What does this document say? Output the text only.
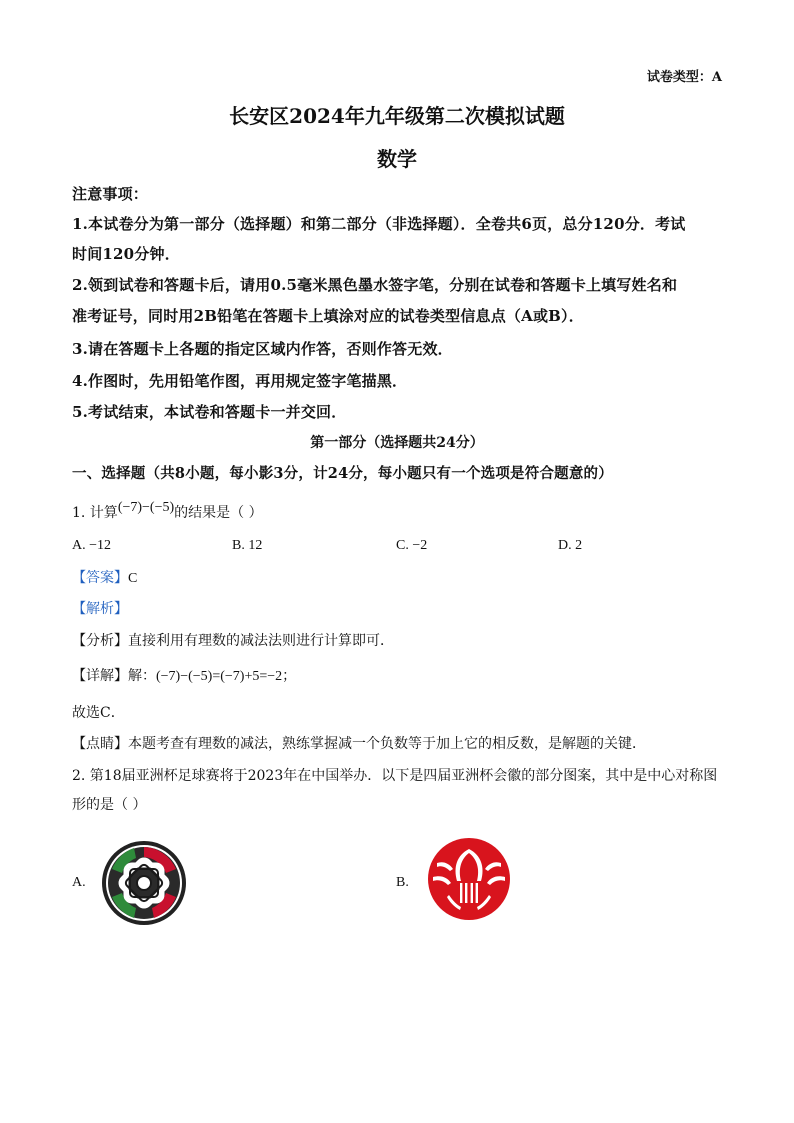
试卷类型：A
长安区2024年九年级第二次模拟试题
数学
注意事项：
1.本试卷分为第一部分（选择题）和第二部分（非选择题）．全卷共6页，总分120分．考试
时间120分钟．
2.领到试卷和答题卡后，请用0.5毫米黑色墨水签字笔，分别在试卷和答题卡上填写姓名和
准考证号，同时用2B铅笔在答题卡上填涂对应的试卷类型信息点（A或B）．
3.请在答题卡上各题的指定区域内作答，否则作答无效．
4.作图时，先用铅笔作图，再用规定签字笔描黑．
5.考试结束，本试卷和答题卡一并交回．
第一部分（选择题共24分）
一、选择题（共8小题，每小影3分，计24分，每小题只有一个选项是符合题意的）
1. 计算(−7)−(−5)的结果是（ ）
A. −12	B. 12	C. −2	D. 2
【答案】C
【解析】
【分析】直接利用有理数的减法法则进行计算即可．
【详解】解：(−7)−(−5)=(−7)+5=−2；
故选C．
【点睛】本题考查有理数的减法，熟练掌握减一个负数等于加上它的相反数，是解题的关键．
2. 第18届亚洲杯足球赛将于2023年在中国举办．以下是四届亚洲杯会徽的部分图案，其中是中心对称图
形的是（ ）
A.	B.
